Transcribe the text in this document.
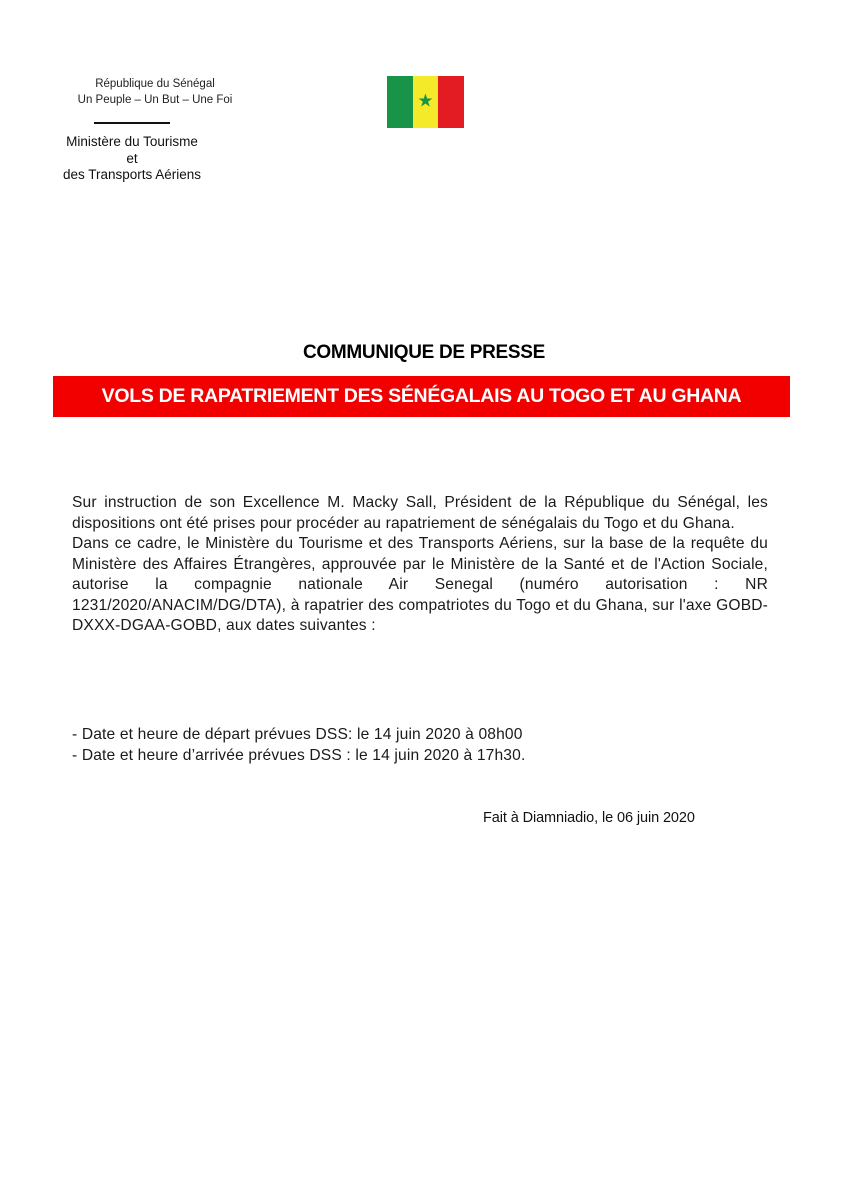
République du Sénégal
Un Peuple – Un But – Une Foi
Ministère du Tourisme
et
des Transports Aériens
★
COMMUNIQUE DE PRESSE
VOLS DE RAPATRIEMENT DES SÉNÉGALAIS AU TOGO ET AU GHANA

Sur instruction de son Excellence M. Macky Sall, Président de la République du Sénégal, les dispositions ont été prises pour procéder au rapatriement de sénégalais du Togo et du Ghana.

Dans ce cadre, le Ministère du Tourisme et des Transports Aériens, sur la base de la requête du Ministère des Affaires Étrangères, approuvée par le Ministère de la Santé et de l'Action Sociale, autorise la compagnie nationale Air Senegal (numéro autorisation : NR 1231/2020/ANACIM/DG/DTA), à rapatrier des compatriotes du Togo et du Ghana, sur l'axe GOBD-DXXX-DGAA-GOBD, aux dates suivantes :

- Date et heure de départ prévues DSS: le 14 juin 2020 à 08h00
- Date et heure d’arrivée prévues DSS : le 14 juin 2020 à 17h30.
Fait à Diamniadio, le 06 juin 2020
